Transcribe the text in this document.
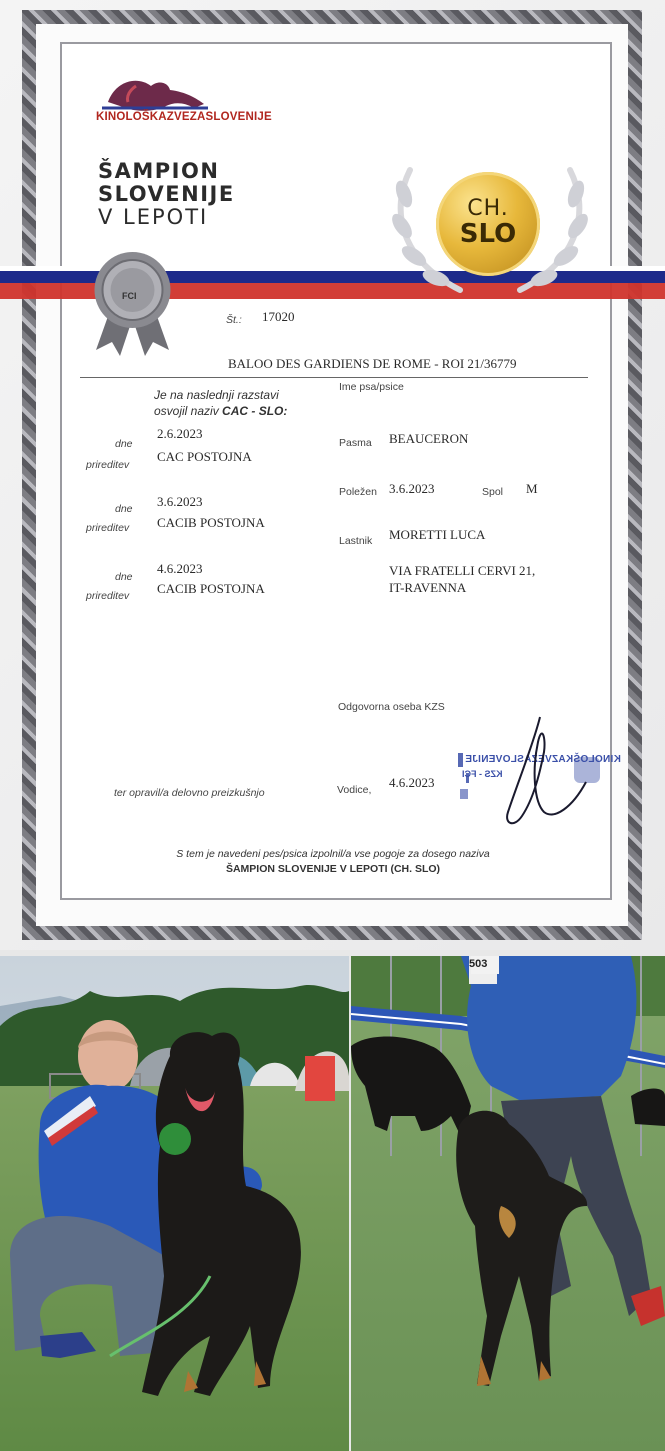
KINOLOŠKAZVEZASLOVENIJE
ŠAMPION
SLOVENIJE
V LEPOTI	CH.
SLO
FCI
Št.: 17020
BALOO DES GARDIENS DE ROME - ROI 21/36779
Ime psa/psice
Je na naslednji razstavi
osvojil naziv CAC - SLO:
dne
2.6.2023
prireditev
CAC POSTOJNA
dne 3.6.2023
prireditev CACIB POSTOJNA
dne
4.6.2023
prireditev CACIB POSTOJNA
Pasma BEAUCERON
Poležen 3.6.2023	Spol M
Lastnik MORETTI LUCA
VIA FRATELLI CERVI 21,
IT-RAVENNA
Odgovorna oseba KZS
ter opravil/a delovno preizkušnjo	Vodice, 4.6.2023
KINOLOŠKAZVEZASLOVENIJE
KZS - FCI
S tem je navedeni pes/psica izpolnil/a vse pogoje za dosego naziva
ŠAMPION SLOVENIJE V LEPOTI (CH. SLO)
503
